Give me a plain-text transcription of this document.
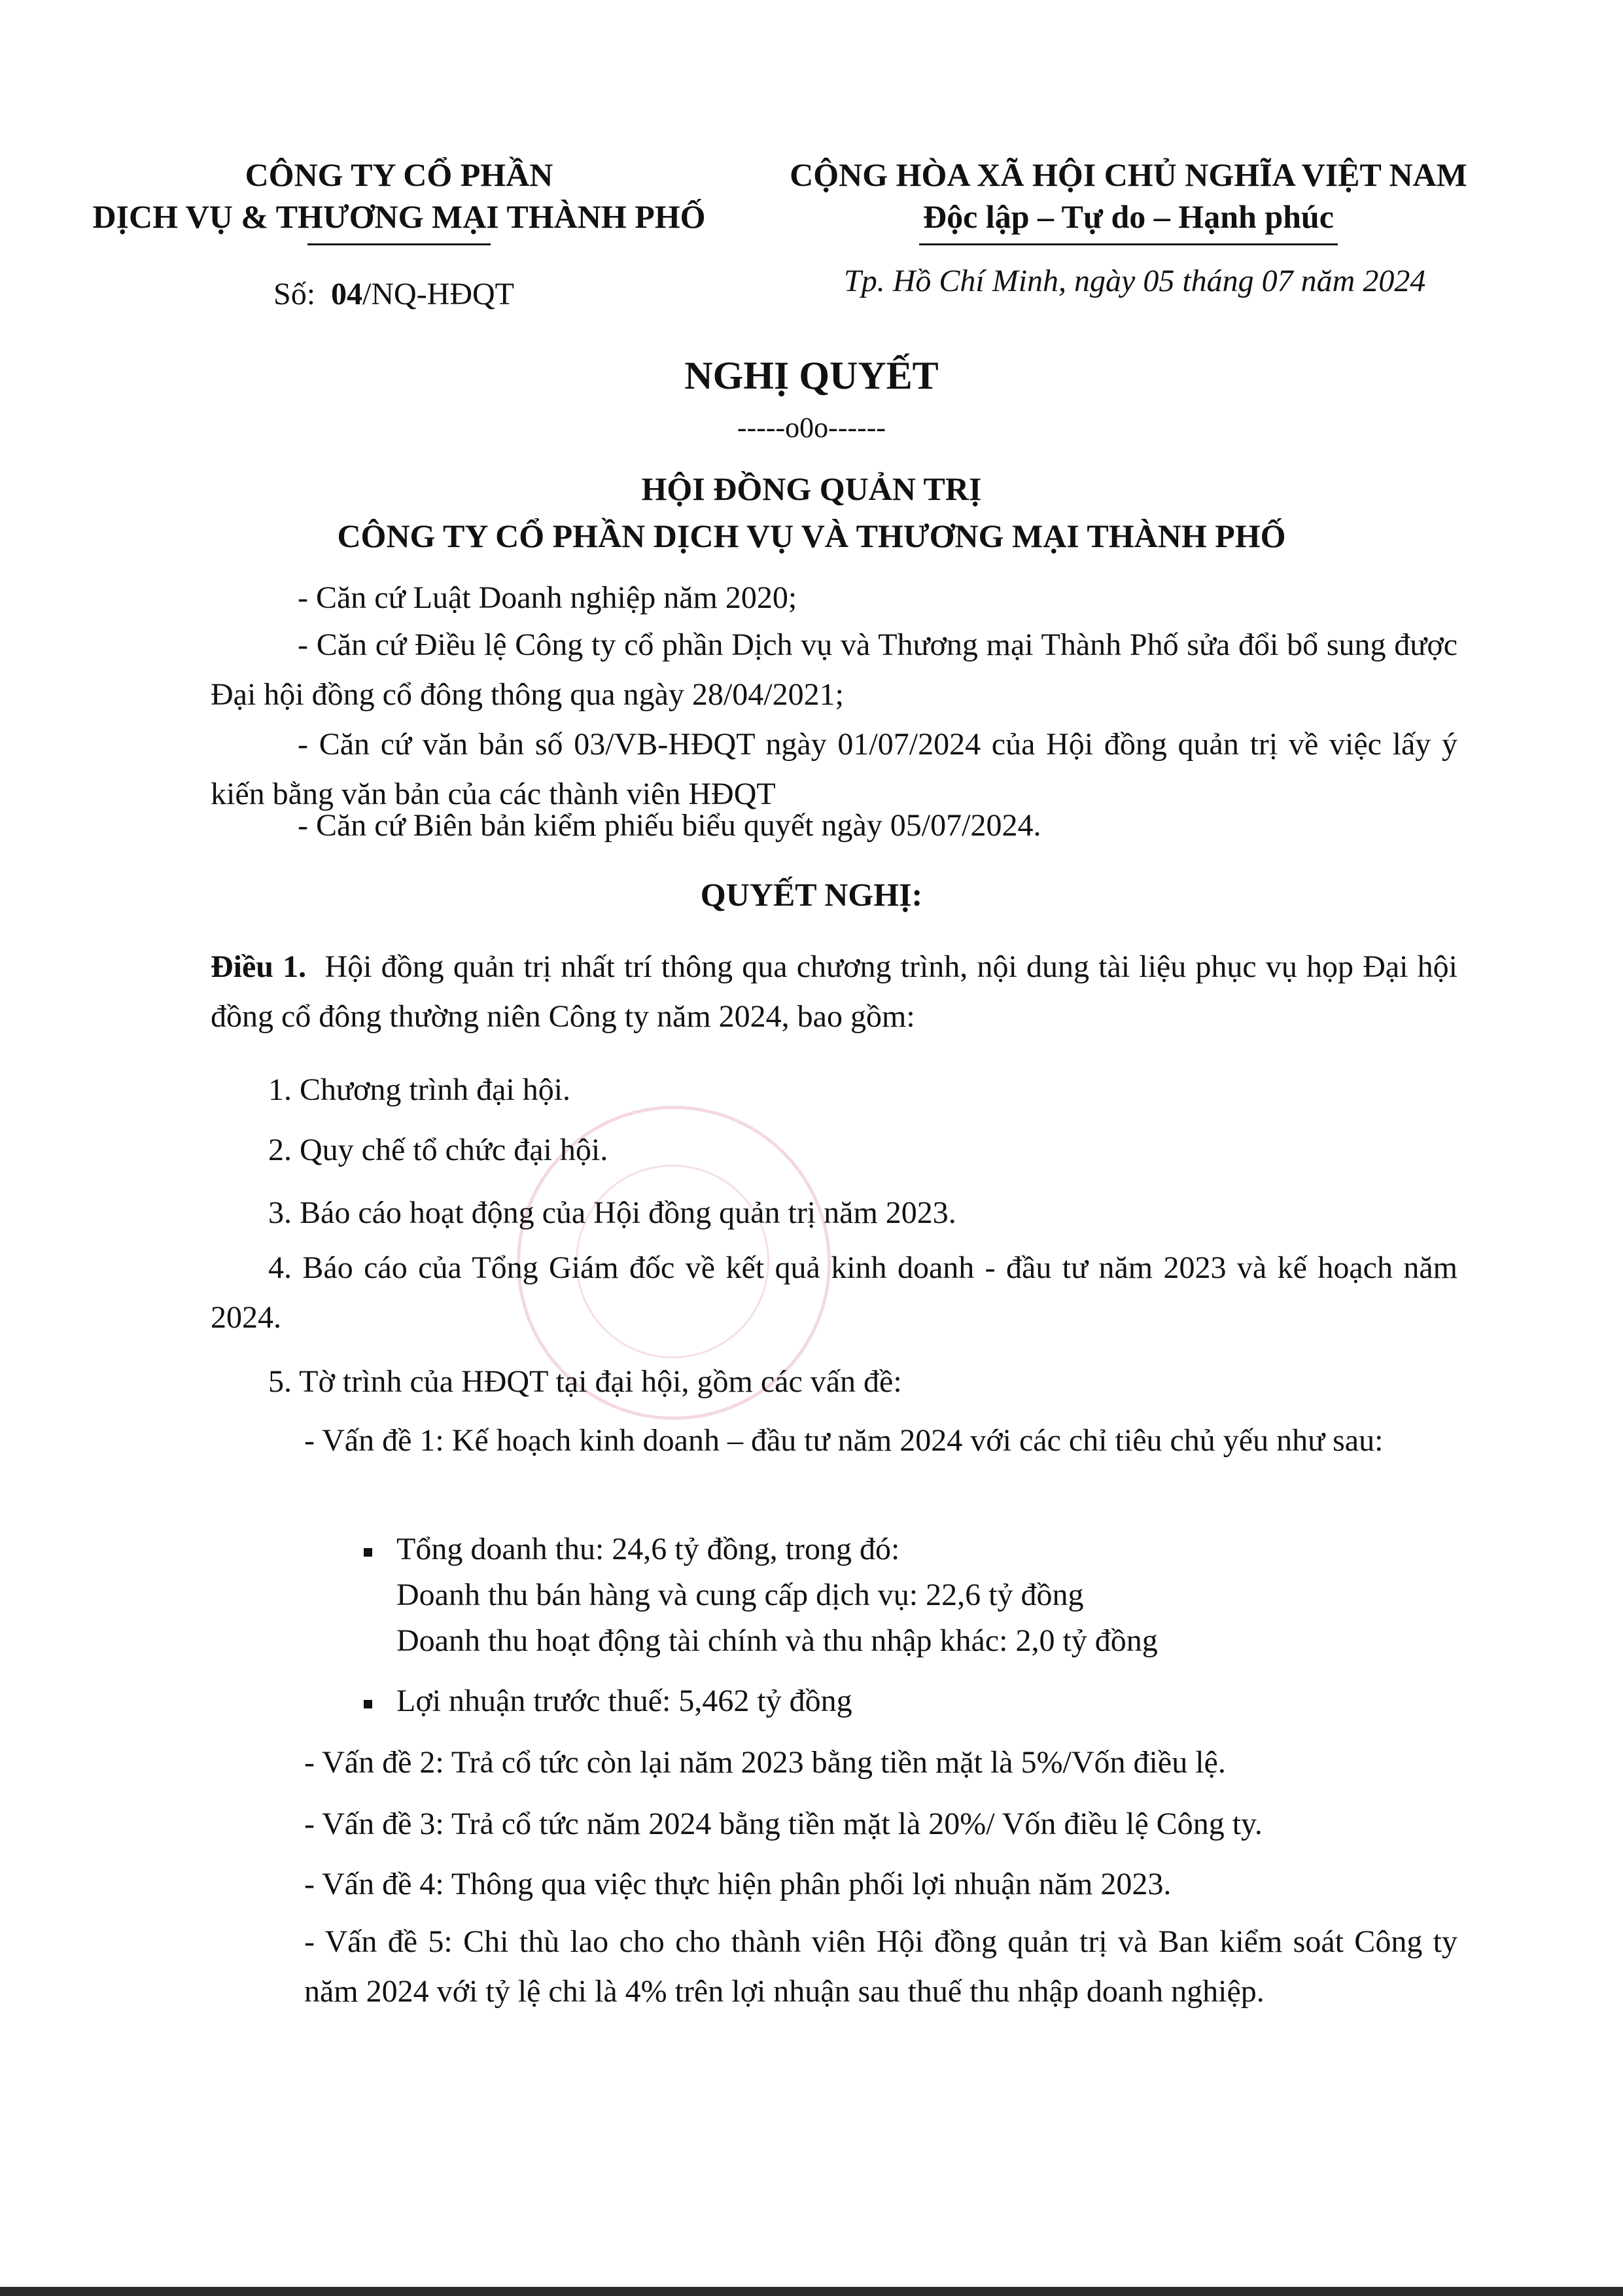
CÔNG TY CỔ PHẦN
DỊCH VỤ & THƯƠNG MẠI THÀNH PHỐ
Số: 04/NQ-HĐQT
CỘNG HÒA XÃ HỘI CHỦ NGHĨA VIỆT NAM
Độc lập – Tự do – Hạnh phúc
Tp. Hồ Chí Minh, ngày 05 tháng 07 năm 2024
NGHỊ QUYẾT
-----o0o------
HỘI ĐỒNG QUẢN TRỊ
CÔNG TY CỔ PHẦN DỊCH VỤ VÀ THƯƠNG MẠI THÀNH PHỐ
- Căn cứ Luật Doanh nghiệp năm 2020;
- Căn cứ Điều lệ Công ty cổ phần Dịch vụ và Thương mại Thành Phố sửa đổi bổ sung được Đại hội đồng cổ đông thông qua ngày 28/04/2021;
- Căn cứ văn bản số 03/VB-HĐQT ngày 01/07/2024 của Hội đồng quản trị về việc lấy ý kiến bằng văn bản của các thành viên HĐQT
- Căn cứ Biên bản kiểm phiếu biểu quyết ngày 05/07/2024.
QUYẾT NGHỊ:
Điều 1. Hội đồng quản trị nhất trí thông qua chương trình, nội dung tài liệu phục vụ họp Đại hội đồng cổ đông thường niên Công ty năm 2024, bao gồm:
1. Chương trình đại hội.
2. Quy chế tổ chức đại hội.
3. Báo cáo hoạt động của Hội đồng quản trị năm 2023.
4. Báo cáo của Tổng Giám đốc về kết quả kinh doanh - đầu tư năm 2023 và kế hoạch năm 2024.
5. Tờ trình của HĐQT tại đại hội, gồm các vấn đề:
- Vấn đề 1: Kế hoạch kinh doanh – đầu tư năm 2024 với các chỉ tiêu chủ yếu như sau:
Tổng doanh thu: 24,6 tỷ đồng, trong đó:
Doanh thu bán hàng và cung cấp dịch vụ: 22,6 tỷ đồng
Doanh thu hoạt động tài chính và thu nhập khác: 2,0 tỷ đồng
Lợi nhuận trước thuế: 5,462 tỷ đồng
- Vấn đề 2: Trả cổ tức còn lại năm 2023 bằng tiền mặt là 5%/Vốn điều lệ.
- Vấn đề 3: Trả cổ tức năm 2024 bằng tiền mặt là 20%/ Vốn điều lệ Công ty.
- Vấn đề 4: Thông qua việc thực hiện phân phối lợi nhuận năm 2023.
- Vấn đề 5: Chi thù lao cho cho thành viên Hội đồng quản trị và Ban kiểm soát Công ty năm 2024 với tỷ lệ chi là 4% trên lợi nhuận sau thuế thu nhập doanh nghiệp.
